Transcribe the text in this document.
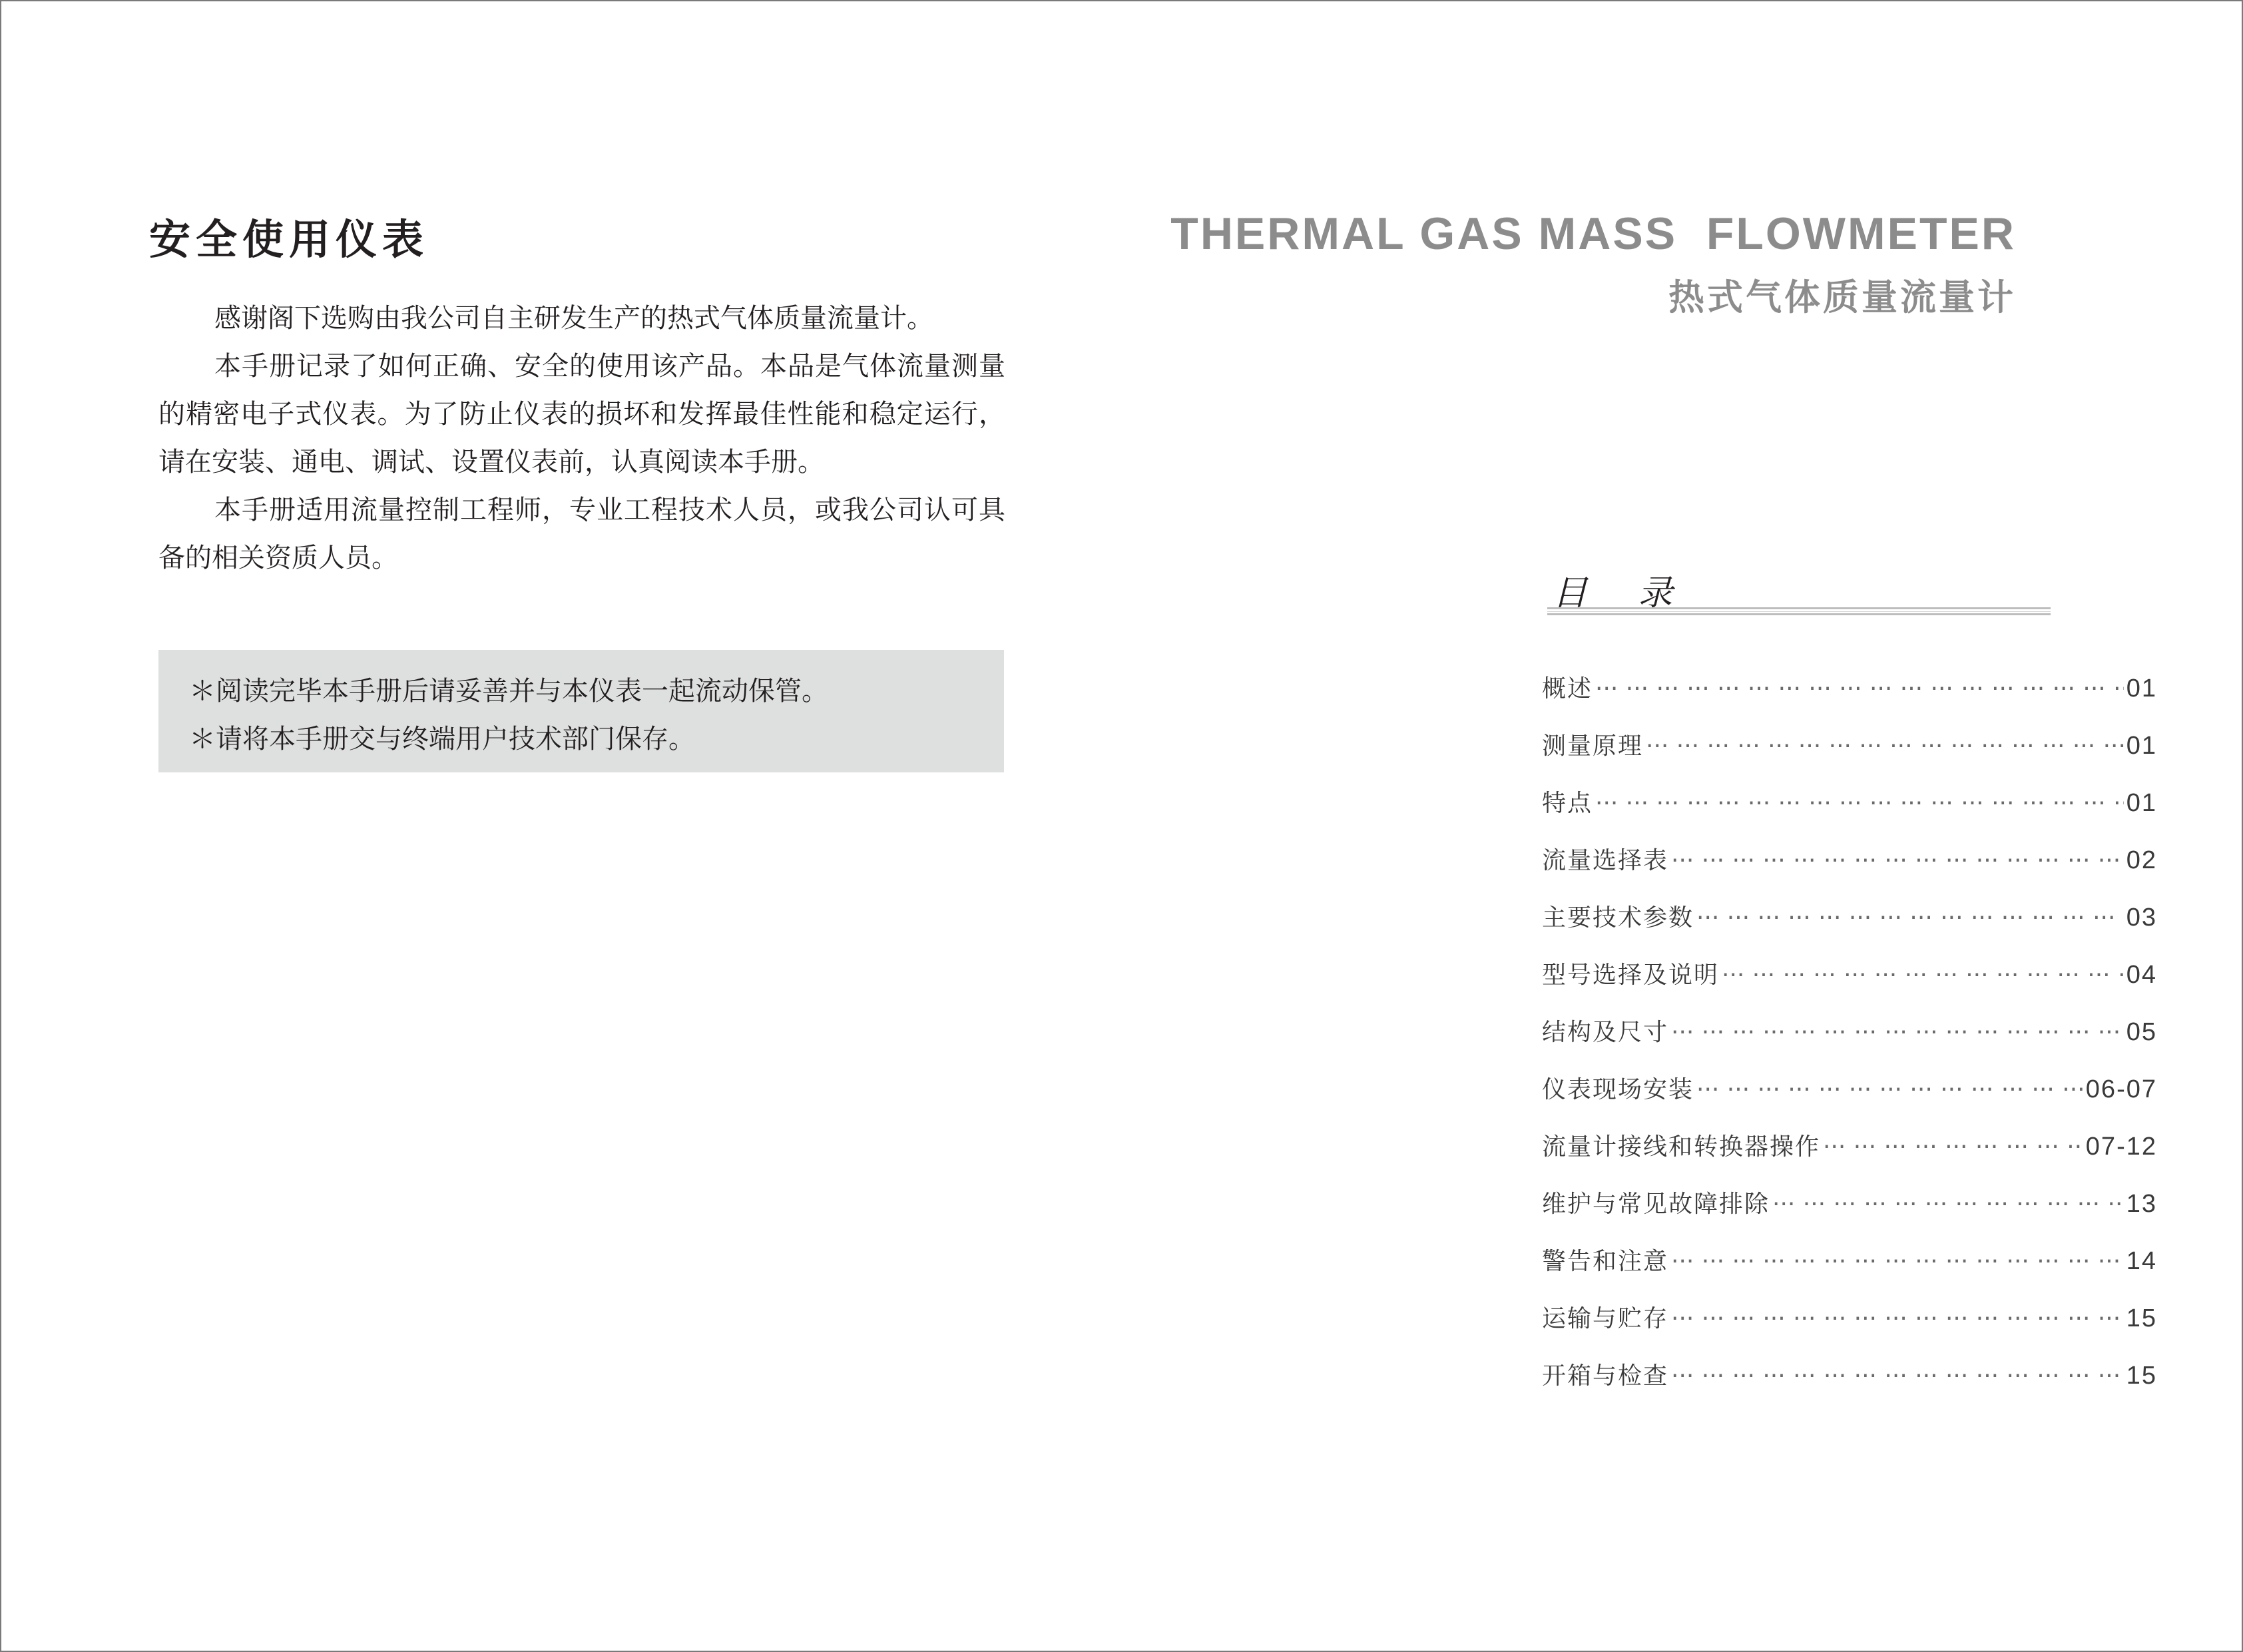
安全使用仪表

感谢阁下选购由我公司自主研发生产的热式气体质量流量计。

本手册记录了如何正确、安全的使用该产品。本品是气体流量测量的精密电子式仪表。为了防止仪表的损坏和发挥最佳性能和稳定运行，请在安装、通电、调试、设置仪表前，认真阅读本手册。

本手册适用流量控制工程师，专业工程技术人员，或我公司认可具备的相关资质人员。

＊阅读完毕本手册后请妥善并与本仪表一起流动保管。
＊请将本手册交与终端用户技术部门保存。
THERMAL GAS MASS  FLOWMETER
热式气体质量流量计
目    录
概述 ··· ·	01
测量原理 ··· ·	01
特点 ··· ·	01
流量选择表 ··· ·	02
主要技术参数 ··· ·	03
型号选择及说明 ··· ·	04
结构及尺寸 ··· ·	05
仪表现场安装 ··· ·	06-07
流量计接线和转换器操作 ··· ·	07-12
维护与常见故障排除 ··· ·	13
警告和注意 ··· ·	14
运输与贮存 ··· ·	15
开箱与检查 ··· ·	15
